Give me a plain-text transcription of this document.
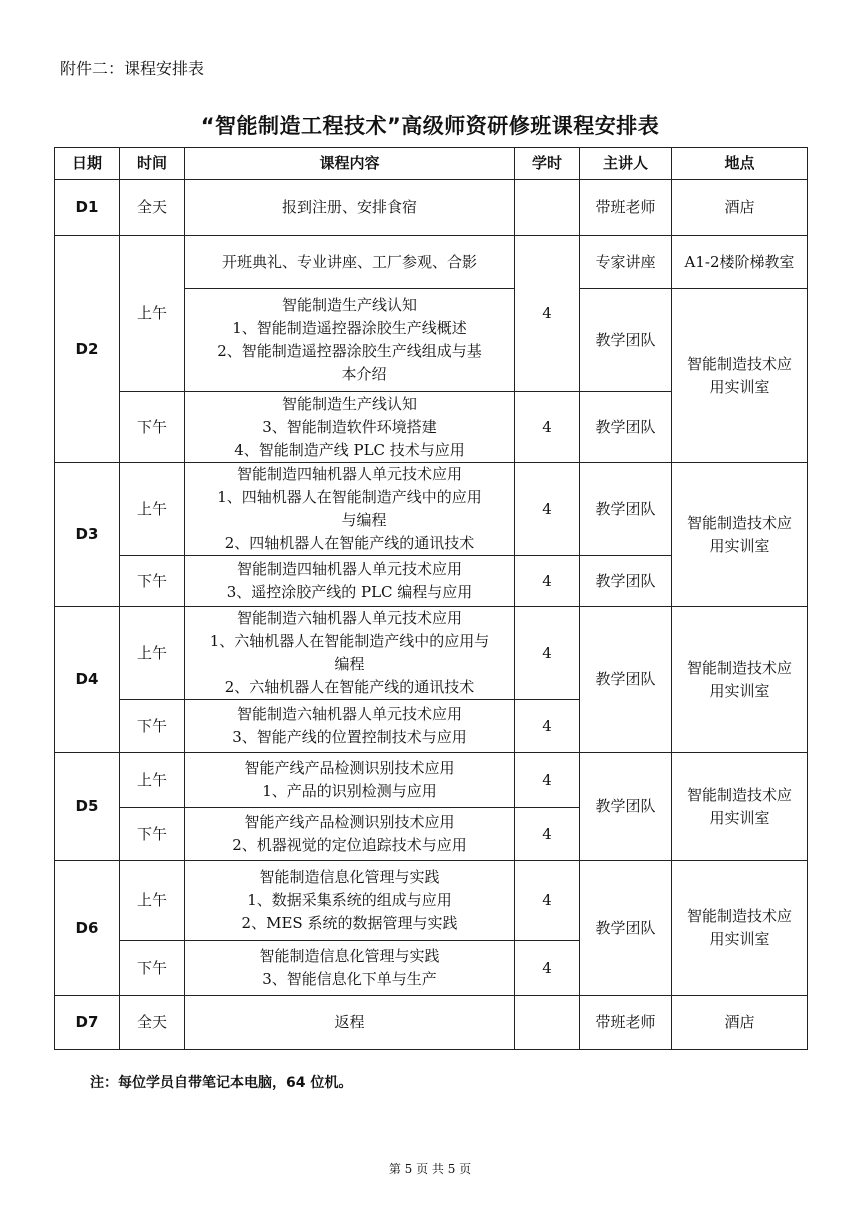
附件二：课程安排表
“智能制造工程技术”高级师资研修班课程安排表
日期	时间	课程内容	学时	主讲人	地点
D1	全天	报到注册、安排食宿		带班老师	酒店
D2	上午	开班典礼、专业讲座、工厂参观、合影	4	专家讲座	A1-2楼阶梯教室

		智能制造生产线认知
1、智能制造遥控器涂胶生产线概述
2、智能制造遥控器涂胶生产线组成与基
本介绍		教学团队	智能制造技术应用实训室
	下午	智能制造生产线认知
3、智能制造软件环境搭建
4、智能制造产线 PLC 技术与应用	4	教学团队	
D3	上午	智能制造四轴机器人单元技术应用
1、四轴机器人在智能制造产线中的应用
与编程
2、四轴机器人在智能产线的通讯技术	4	教学团队	智能制造技术应用实训室
	下午	智能制造四轴机器人单元技术应用
3、遥控涂胶产线的 PLC 编程与应用	4	教学团队	
D4	上午	智能制造六轴机器人单元技术应用
1、六轴机器人在智能制造产线中的应用与
编程
2、六轴机器人在智能产线的通讯技术	4	教学团队	智能制造技术应用实训室
	下午	智能制造六轴机器人单元技术应用
3、智能产线的位置控制技术与应用	4		
D5	上午	智能产线产品检测识别技术应用
1、产品的识别检测与应用	4	教学团队	智能制造技术应用实训室
	下午	智能产线产品检测识别技术应用
2、机器视觉的定位追踪技术与应用	4		
D6	上午	智能制造信息化管理与实践
1、数据采集系统的组成与应用
2、MES 系统的数据管理与实践	4	教学团队	智能制造技术应用实训室
	下午	智能制造信息化管理与实践
3、智能信息化下单与生产	4		
D7	全天	返程		带班老师	酒店
注：每位学员自带笔记本电脑，64 位机。
第 5 页 共 5 页
